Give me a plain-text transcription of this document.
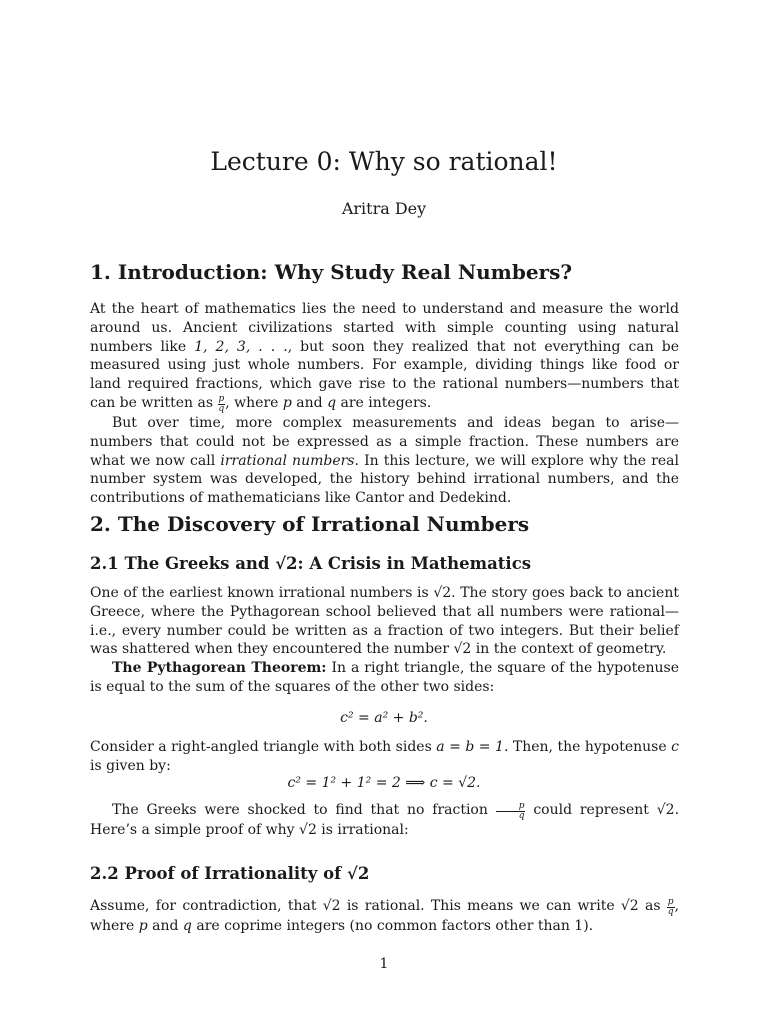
Lecture 0: Why so rational!
Aritra Dey
1. Introduction: Why Study Real Numbers?

At the heart of mathematics lies the need to understand and measure the world around us. Ancient civilizations started with simple counting using natural numbers like 1, 2, 3, . . ., but soon they realized that not everything can be measured using just whole numbers. For example, dividing things like food or land required fractions, which gave rise to the rational numbers—numbers that can be written as $\frac{p}{q}$ , where p and q are integers.

But over time, more complex measurements and ideas began to arise—numbers that could not be expressed as a simple fraction. These numbers are what we now call irrational numbers. In this lecture, we will explore why the real number system was developed, the history behind irrational numbers, and the contributions of mathematicians like Cantor and Dedekind.

2. The Discovery of Irrational Numbers
2.1 The Greeks and √2: A Crisis in Mathematics

One of the earliest known irrational numbers is √2. The story goes back to ancient Greece, where the Pythagorean school believed that all numbers were rational—i.e., every number could be written as a fraction of two integers. But their belief was shattered when they encountered the number √2 in the context of geometry.

The Pythagorean Theorem: In a right triangle, the square of the hypotenuse is equal to the sum of the squares of the other two sides:

c² = a² + b².

Consider a right-angled triangle with both sides a = b = 1. Then, the hypotenuse c is given by:

c² = 1² + 1² = 2 ⟹ c = √2.

The Greeks were shocked to find that no fraction $\frac{p}{q}$ could represent √2. Here’s a simple proof of why √2 is irrational:

2.2 Proof of Irrationality of √2

Assume, for contradiction, that √2 is rational. This means we can write √2 as $\frac{p}{q}$ , where p and q are coprime integers (no common factors other than 1).

1
